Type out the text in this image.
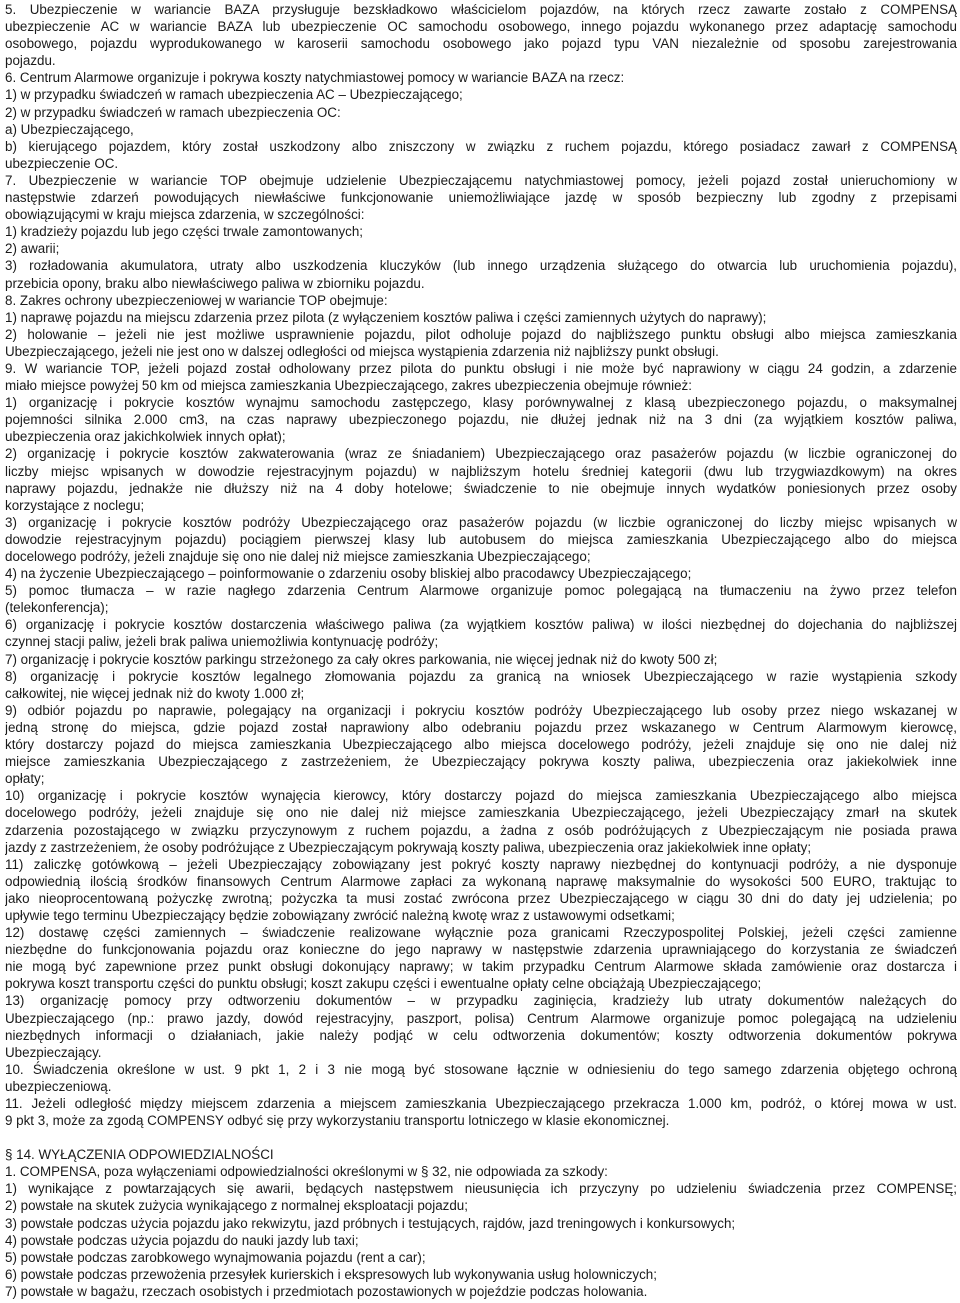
5. Ubezpieczenie w wariancie BAZA przysługuje bezskładkowo właścicielom pojazdów, na których rzecz zawarte zostało z COMPENSĄ
ubezpieczenie AC w wariancie BAZA lub ubezpieczenie OC samochodu osobowego, innego pojazdu wykonanego przez adaptację samochodu
osobowego, pojazdu wyprodukowanego w karoserii samochodu osobowego jako pojazd typu VAN niezależnie od sposobu zarejestrowania
pojazdu.
6. Centrum Alarmowe organizuje i pokrywa koszty natychmiastowej pomocy w wariancie BAZA na rzecz:
1) w przypadku świadczeń w ramach ubezpieczenia AC – Ubezpieczającego;
2) w przypadku świadczeń w ramach ubezpieczenia OC:
a) Ubezpieczającego,
b) kierującego pojazdem, który został uszkodzony albo zniszczony w związku z ruchem pojazdu, którego posiadacz zawarł z COMPENSĄ
ubezpieczenie OC.
7. Ubezpieczenie w wariancie TOP obejmuje udzielenie Ubezpieczającemu natychmiastowej pomocy, jeżeli pojazd został unieruchomiony w
następstwie zdarzeń powodujących niewłaściwe funkcjonowanie uniemożliwiające jazdę w sposób bezpieczny lub zgodny z przepisami
obowiązującymi w kraju miejsca zdarzenia, w szczególności:
1) kradzieży pojazdu lub jego części trwale zamontowanych;
2) awarii;
3) rozładowania akumulatora, utraty albo uszkodzenia kluczyków (lub innego urządzenia służącego do otwarcia lub uruchomienia pojazdu),
przebicia opony, braku albo niewłaściwego paliwa w zbiorniku pojazdu.
8. Zakres ochrony ubezpieczeniowej w wariancie TOP obejmuje:
1) naprawę pojazdu na miejscu zdarzenia przez pilota (z wyłączeniem kosztów paliwa i części zamiennych użytych do naprawy);
2) holowanie – jeżeli nie jest możliwe usprawnienie pojazdu, pilot odholuje pojazd do najbliższego punktu obsługi albo miejsca zamieszkania
Ubezpieczającego, jeżeli nie jest ono w dalszej odległości od miejsca wystąpienia zdarzenia niż najbliższy punkt obsługi.
9. W wariancie TOP, jeżeli pojazd został odholowany przez pilota do punktu obsługi i nie może być naprawiony w ciągu 24 godzin, a zdarzenie
miało miejsce powyżej 50 km od miejsca zamieszkania Ubezpieczającego, zakres ubezpieczenia obejmuje również:
1) organizację i pokrycie kosztów wynajmu samochodu zastępczego, klasy porównywalnej z klasą ubezpieczonego pojazdu, o maksymalnej
pojemności silnika 2.000 cm3, na czas naprawy ubezpieczonego pojazdu, nie dłużej jednak niż na 3 dni (za wyjątkiem kosztów paliwa,
ubezpieczenia oraz jakichkolwiek innych opłat);
2) organizację i pokrycie kosztów zakwaterowania (wraz ze śniadaniem) Ubezpieczającego oraz pasażerów pojazdu (w liczbie ograniczonej do
liczby miejsc wpisanych w dowodzie rejestracyjnym pojazdu) w najbliższym hotelu średniej kategorii (dwu lub trzygwiazdkowym) na okres
naprawy pojazdu, jednakże nie dłuższy niż na 4 doby hotelowe; świadczenie to nie obejmuje innych wydatków poniesionych przez osoby
korzystające z noclegu;
3) organizację i pokrycie kosztów podróży Ubezpieczającego oraz pasażerów pojazdu (w liczbie ograniczonej do liczby miejsc wpisanych w
dowodzie rejestracyjnym pojazdu) pociągiem pierwszej klasy lub autobusem do miejsca zamieszkania Ubezpieczającego albo do miejsca
docelowego podróży, jeżeli znajduje się ono nie dalej niż miejsce zamieszkania Ubezpieczającego;
4) na życzenie Ubezpieczającego – poinformowanie o zdarzeniu osoby bliskiej albo pracodawcy Ubezpieczającego;
5) pomoc tłumacza – w razie nagłego zdarzenia Centrum Alarmowe organizuje pomoc polegającą na tłumaczeniu na żywo przez telefon
(telekonferencja);
6) organizację i pokrycie kosztów dostarczenia właściwego paliwa (za wyjątkiem kosztów paliwa) w ilości niezbędnej do dojechania do najbliższej
czynnej stacji paliw, jeżeli brak paliwa uniemożliwia kontynuację podróży;
7) organizację i pokrycie kosztów parkingu strzeżonego za cały okres parkowania, nie więcej jednak niż do kwoty 500 zł;
8) organizację i pokrycie kosztów legalnego złomowania pojazdu za granicą na wniosek Ubezpieczającego w razie wystąpienia szkody
całkowitej, nie więcej jednak niż do kwoty 1.000 zł;
9) odbiór pojazdu po naprawie, polegający na organizacji i pokryciu kosztów podróży Ubezpieczającego lub osoby przez niego wskazanej w
jedną stronę do miejsca, gdzie pojazd został naprawiony albo odebraniu pojazdu przez wskazanego w Centrum Alarmowym kierowcę,
który dostarczy pojazd do miejsca zamieszkania Ubezpieczającego albo miejsca docelowego podróży, jeżeli znajduje się ono nie dalej niż
miejsce zamieszkania Ubezpieczającego z zastrzeżeniem, że Ubezpieczający pokrywa koszty paliwa, ubezpieczenia oraz jakiekolwiek inne
opłaty;
10) organizację i pokrycie kosztów wynajęcia kierowcy, który dostarczy pojazd do miejsca zamieszkania Ubezpieczającego albo miejsca
docelowego podróży, jeżeli znajduje się ono nie dalej niż miejsce zamieszkania Ubezpieczającego, jeżeli Ubezpieczający zmarł na skutek
zdarzenia pozostającego w związku przyczynowym z ruchem pojazdu, a żadna z osób podróżujących z Ubezpieczającym nie posiada prawa
jazdy z zastrzeżeniem, że osoby podróżujące z Ubezpieczającym pokrywają koszty paliwa, ubezpieczenia oraz jakiekolwiek inne opłaty;
11) zaliczkę gotówkową – jeżeli Ubezpieczający zobowiązany jest pokryć koszty naprawy niezbędnej do kontynuacji podróży, a nie dysponuje
odpowiednią ilością środków finansowych Centrum Alarmowe zapłaci za wykonaną naprawę maksymalnie do wysokości 500 EURO, traktując to
jako nieoprocentowaną pożyczkę zwrotną; pożyczka ta musi zostać zwrócona przez Ubezpieczającego w ciągu 30 dni do daty jej udzielenia; po
upływie tego terminu Ubezpieczający będzie zobowiązany zwrócić należną kwotę wraz z ustawowymi odsetkami;
12) dostawę części zamiennych – świadczenie realizowane wyłącznie poza granicami Rzeczypospolitej Polskiej, jeżeli części zamienne
niezbędne do funkcjonowania pojazdu oraz konieczne do jego naprawy w następstwie zdarzenia uprawniającego do korzystania ze świadczeń
nie mogą być zapewnione przez punkt obsługi dokonujący naprawy; w takim przypadku Centrum Alarmowe składa zamówienie oraz dostarcza i
pokrywa koszt transportu części do punktu obsługi; koszt zakupu części i ewentualne opłaty celne obciążają Ubezpieczającego;
13) organizację pomocy przy odtworzeniu dokumentów – w przypadku zaginięcia, kradzieży lub utraty dokumentów należących do
Ubezpieczającego (np.: prawo jazdy, dowód rejestracyjny, paszport, polisa) Centrum Alarmowe organizuje pomoc polegającą na udzieleniu
niezbędnych informacji o działaniach, jakie należy podjąć w celu odtworzenia dokumentów; koszty odtworzenia dokumentów pokrywa
Ubezpieczający.
10. Świadczenia określone w ust. 9 pkt 1, 2 i 3 nie mogą być stosowane łącznie w odniesieniu do tego samego zdarzenia objętego ochroną
ubezpieczeniową.
11. Jeżeli odległość między miejscem zdarzenia a miejscem zamieszkania Ubezpieczającego przekracza 1.000 km, podróż, o której mowa w ust.
9 pkt 3, może za zgodą COMPENSY odbyć się przy wykorzystaniu transportu lotniczego w klasie ekonomicznej.
§ 14. WYŁĄCZENIA ODPOWIEDZIALNOŚCI
1. COMPENSA, poza wyłączeniami odpowiedzialności określonymi w § 32, nie odpowiada za szkody:
1) wynikające z powtarzających się awarii, będących następstwem nieusunięcia ich przyczyny po udzieleniu świadczenia przez COMPENSĘ;
2) powstałe na skutek zużycia wynikającego z normalnej eksploatacji pojazdu;
3) powstałe podczas użycia pojazdu jako rekwizytu, jazd próbnych i testujących, rajdów, jazd treningowych i konkursowych;
4) powstałe podczas użycia pojazdu do nauki jazdy lub taxi;
5) powstałe podczas zarobkowego wynajmowania pojazdu (rent a car);
6) powstałe podczas przewożenia przesyłek kurierskich i ekspresowych lub wykonywania usług holowniczych;
7) powstałe w bagażu, rzeczach osobistych i przedmiotach pozostawionych w pojeździe podczas holowania.
